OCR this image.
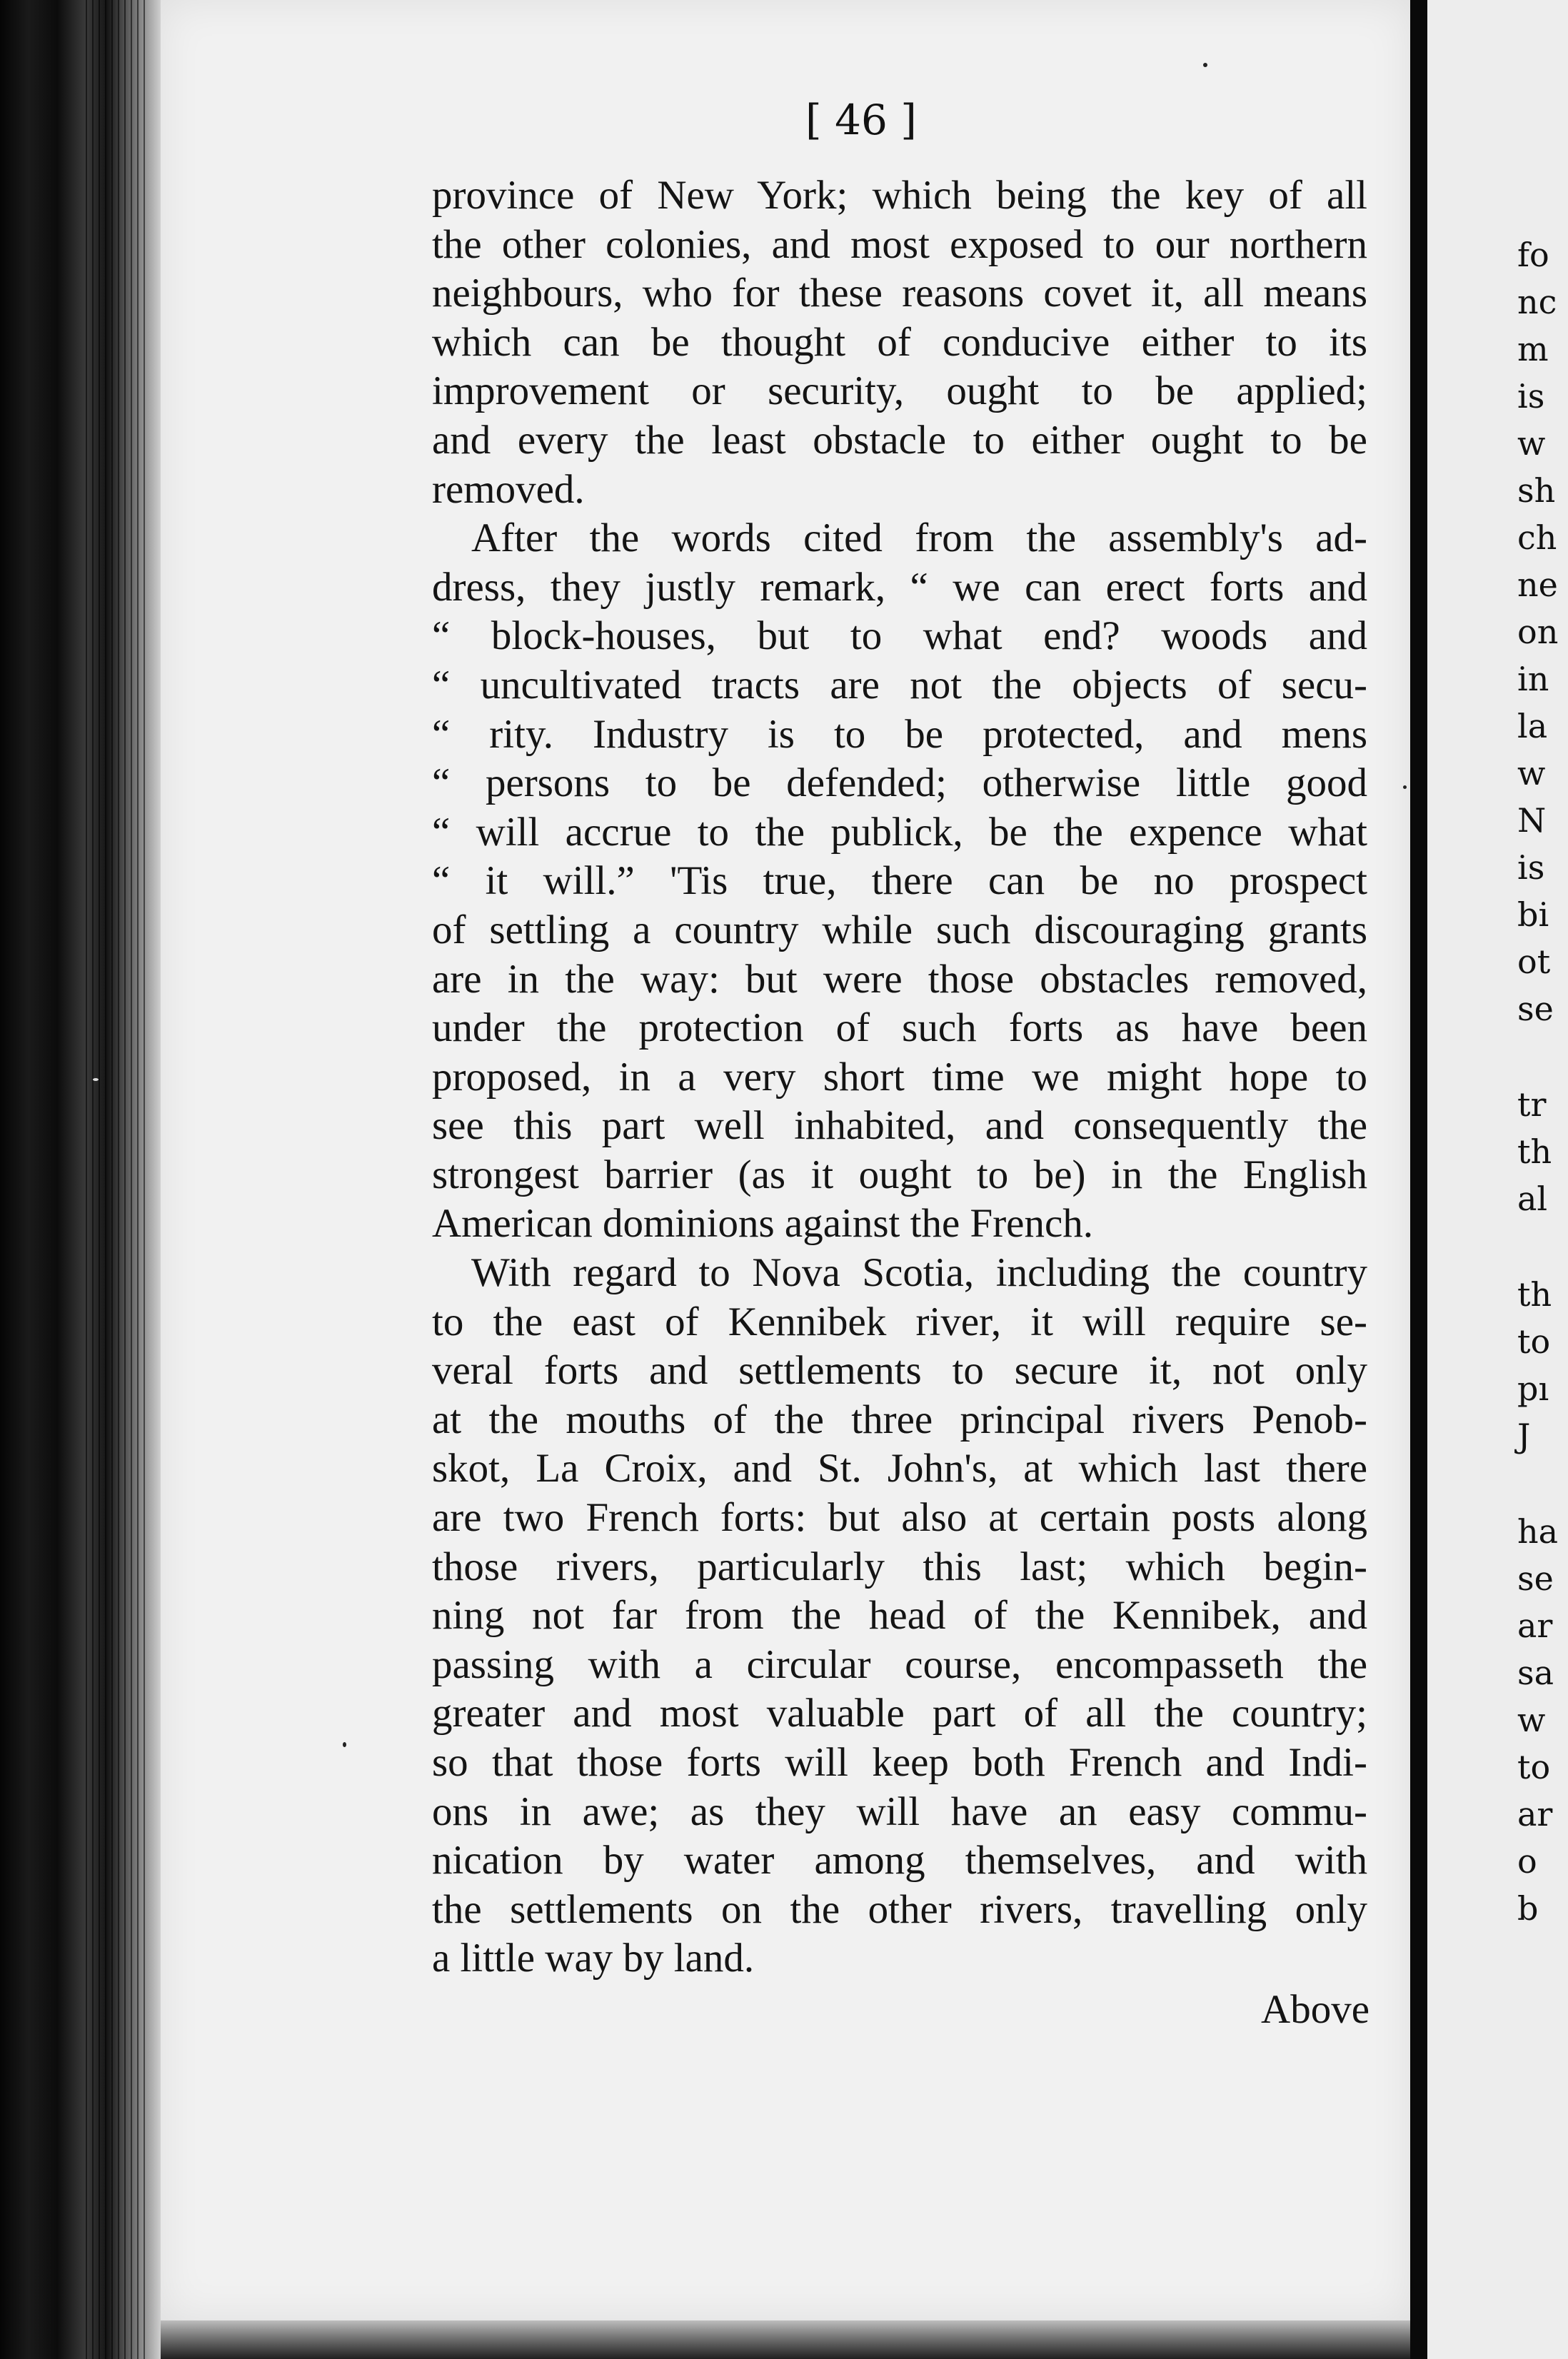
[ 46 ]
province of New York; which being the key of all
the other colonies, and most exposed to our northern
neighbours, who for these reasons covet it, all means
which can be thought of conducive either to its
improvement or security, ought to be applied;
and every the least obstacle to either ought to be
removed.
After the words cited from the assembly's ad-
dress, they justly remark, “ we can erect forts and
“ block-houses, but to what end? woods and
“ uncultivated tracts are not the objects of secu-
“ rity. Industry is to be protected, and mens
“ persons to be defended; otherwise little good
“ will accrue to the publick, be the expence what
“ it will.” 'Tis true, there can be no prospect
of settling a country while such discouraging grants
are in the way: but were those obstacles removed,
under the protection of such forts as have been
proposed, in a very short time we might hope to
see this part well inhabited, and consequently the
strongest barrier (as it ought to be) in the English
American dominions against the French.
With regard to Nova Scotia, including the country
to the east of Kennibek river, it will require se-
veral forts and settlements to secure it, not only
at the mouths of the three principal rivers Penob-
skot, La Croix, and St. John's, at which last there
are two French forts: but also at certain posts along
those rivers, particularly this last; which begin-
ning not far from the head of the Kennibek, and
passing with a circular course, encompasseth the
greater and most valuable part of all the country;
so that those forts will keep both French and Indi-
ons in awe; as they will have an easy commu-
nication by water among themselves, and with
the settlements on the other rivers, travelling only
a little way by land.
Above
fo
nc
m
is
w
sh
ch
ne
on
in
la
w
N
is
bi
ot
se
tr
th
al
th
to
pı
J
ha
se
ar
sa
w
to
ar
o
b
